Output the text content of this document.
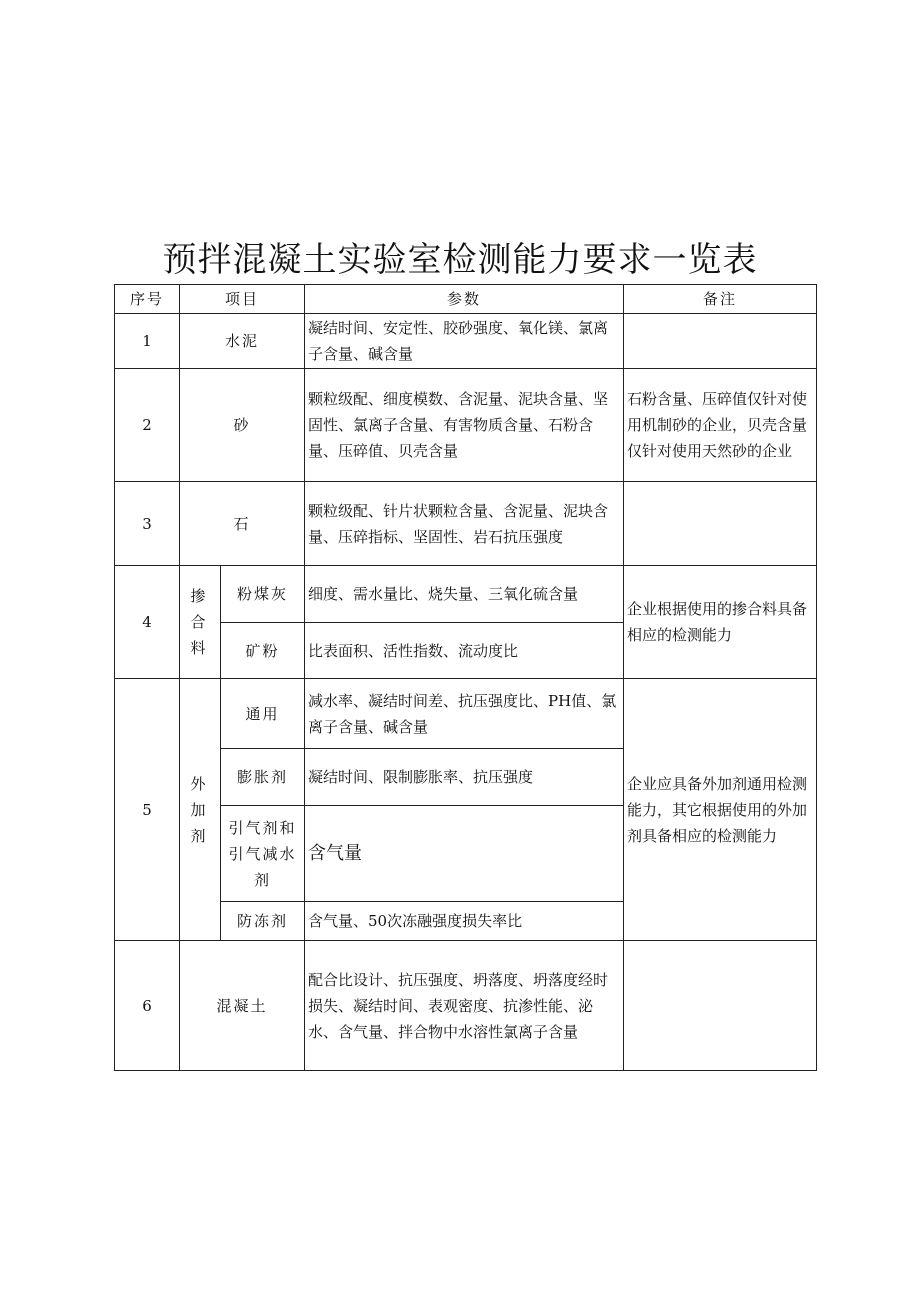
预拌混凝土实验室检测能力要求一览表
序号	项目		参数	备注
1	水泥		凝结时间、安定性、胶砂强度、氧化镁、氯离子含量、碱含量	
2	砂		颗粒级配、细度模数、含泥量、泥块含量、坚固性、氯离子含量、有害物质含量、石粉含量、压碎值、贝壳含量	石粉含量、压碎值仅针对使用机制砂的企业，贝壳含量仅针对使用天然砂的企业
3	石		颗粒级配、针片状颗粒含量、含泥量、泥块含量、压碎指标、坚固性、岩石抗压强度	
4	掺合料	粉煤灰	细度、需水量比、烧失量、三氧化硫含量	企业根据使用的掺合料具备相应的检测能力
		矿粉	比表面积、活性指数、流动度比	
5	外加剂	通用	减水率、凝结时间差、抗压强度比、PH值、氯离子含量、碱含量	企业应具备外加剂通用检测能力，其它根据使用的外加剂具备相应的检测能力
		膨胀剂	凝结时间、限制膨胀率、抗压强度	
		引气剂和引气减水剂	含气量	
		防冻剂	含气量、50次冻融强度损失率比	
6	混凝土		配合比设计、抗压强度、坍落度、坍落度经时损失、凝结时间、表观密度、抗渗性能、泌水、含气量、拌合物中水溶性氯离子含量	
